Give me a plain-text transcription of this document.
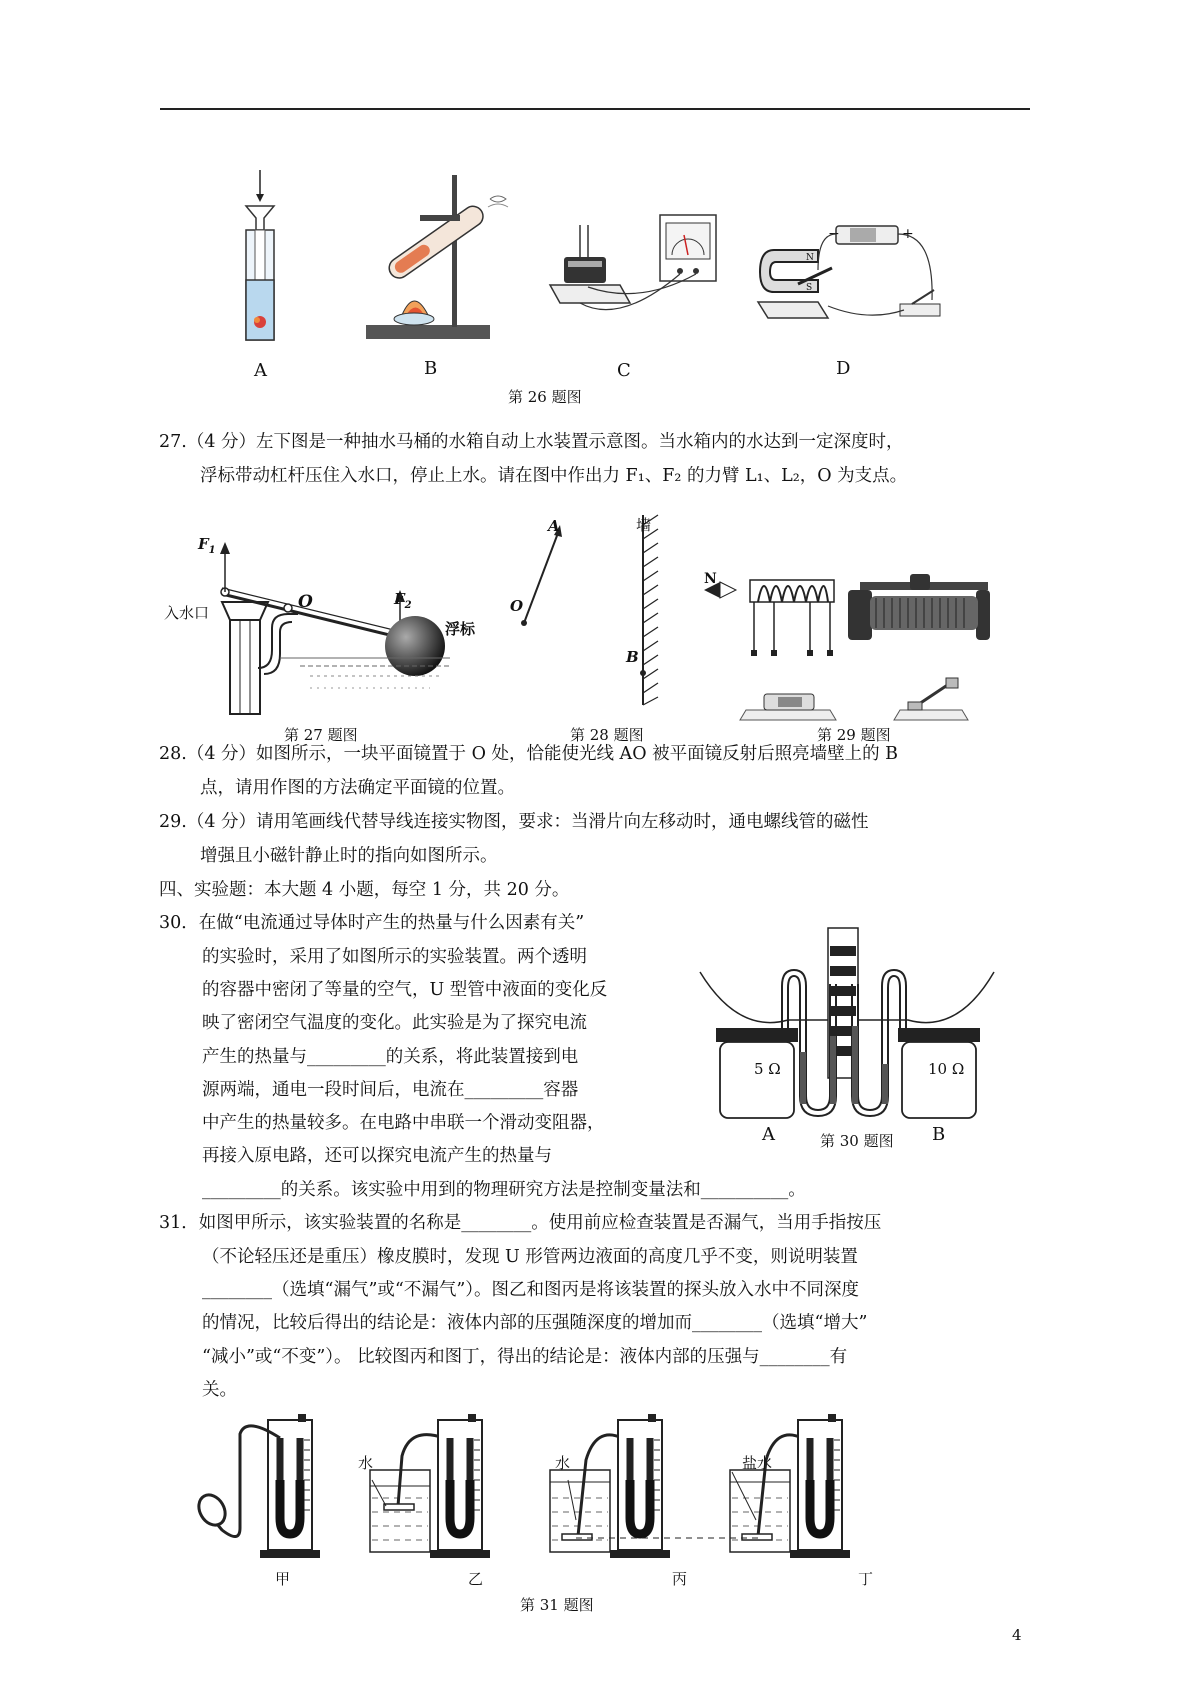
N
S
−	+
A	B	C	D
第 26 题图
27.（4 分）左下图是一种抽水马桶的水箱自动上水装置示意图。当水箱内的水达到一定深度时，
浮标带动杠杆压住入水口，停止上水。请在图中作出力 F₁、F₂ 的力臂 L₁、L₂，O 为支点。
$F_1$
O	$F_2$
入水口
浮标
第 27 题图
A
O
B
墙
第 28 题图
N
第 29 题图
28.（4 分）如图所示，一块平面镜置于 O 处，恰能使光线 AO 被平面镜反射后照亮墙壁上的 B
点，请用作图的方法确定平面镜的位置。
29.（4 分）请用笔画线代替导线连接实物图，要求：当滑片向左移动时，通电螺线管的磁性
增强且小磁针静止时的指向如图所示。
四、实验题：本大题 4 小题，每空 1 分，共 20 分。
30．在做“电流通过导体时产生的热量与什么因素有关”
的实验时，采用了如图所示的实验装置。两个透明
的容器中密闭了等量的空气，U 型管中液面的变化反
映了密闭空气温度的变化。此实验是为了探究电流
产生的热量与_________的关系，将此装置接到电
源两端，通电一段时间后，电流在_________容器
中产生的热量较多。在电路中串联一个滑动变阻器，
再接入原电路，还可以探究电流产生的热量与
_________的关系。该实验中用到的物理研究方法是控制变量法和__________。
5 Ω	10 Ω
A	B
第 30 题图
31．如图甲所示，该实验装置的名称是________。使用前应检查装置是否漏气，当用手指按压
（不论轻压还是重压）橡皮膜时，发现 U 形管两边液面的高度几乎不变，则说明装置
________（选填“漏气”或“不漏气”）。图乙和图丙是将该装置的探头放入水中不同深度
的情况，比较后得出的结论是：液体内部的压强随深度的增加而________（选填“增大”
“减小”或“不变”）。 比较图丙和图丁，得出的结论是：液体内部的压强与________有
关。
水	水	盐水
甲	乙	丙	丁
第 31 题图
4
